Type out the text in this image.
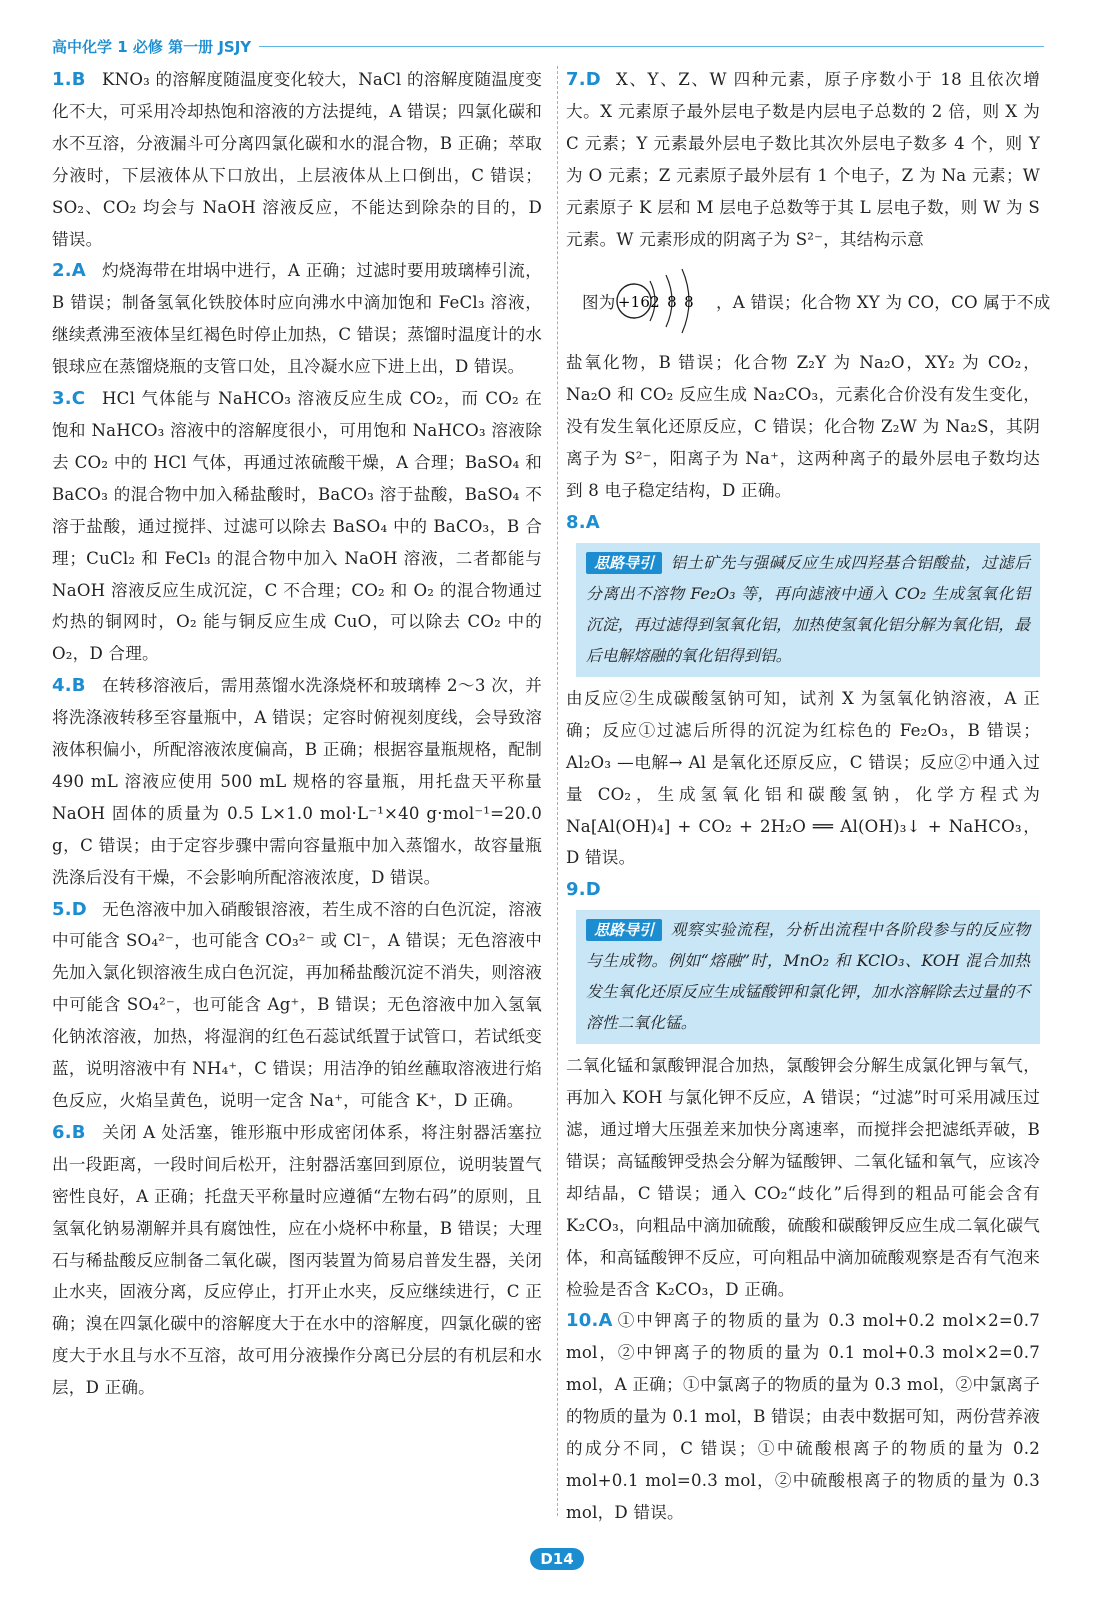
高中化学 1 必修 第一册 JSJY

1.B KNO₃ 的溶解度随温度变化较大，NaCl 的溶解度随温度变化不大，可采用冷却热饱和溶液的方法提纯，A 错误；四氯化碳和水不互溶，分液漏斗可分离四氯化碳和水的混合物，B 正确；萃取分液时，下层液体从下口放出，上层液体从上口倒出，C 错误；SO₂、CO₂ 均会与 NaOH 溶液反应，不能达到除杂的目的，D 错误。

2.A 灼烧海带在坩埚中进行，A 正确；过滤时要用玻璃棒引流，B 错误；制备氢氧化铁胶体时应向沸水中滴加饱和 FeCl₃ 溶液，继续煮沸至液体呈红褐色时停止加热，C 错误；蒸馏时温度计的水银球应在蒸馏烧瓶的支管口处，且冷凝水应下进上出，D 错误。

3.C HCl 气体能与 NaHCO₃ 溶液反应生成 CO₂，而 CO₂ 在饱和 NaHCO₃ 溶液中的溶解度很小，可用饱和 NaHCO₃ 溶液除去 CO₂ 中的 HCl 气体，再通过浓硫酸干燥，A 合理；BaSO₄ 和 BaCO₃ 的混合物中加入稀盐酸时，BaCO₃ 溶于盐酸，BaSO₄ 不溶于盐酸，通过搅拌、过滤可以除去 BaSO₄ 中的 BaCO₃，B 合理；CuCl₂ 和 FeCl₃ 的混合物中加入 NaOH 溶液，二者都能与 NaOH 溶液反应生成沉淀，C 不合理；CO₂ 和 O₂ 的混合物通过灼热的铜网时，O₂ 能与铜反应生成 CuO，可以除去 CO₂ 中的 O₂，D 合理。

4.B 在转移溶液后，需用蒸馏水洗涤烧杯和玻璃棒 2～3 次，并将洗涤液转移至容量瓶中，A 错误；定容时俯视刻度线，会导致溶液体积偏小，所配溶液浓度偏高，B 正确；根据容量瓶规格，配制 490 mL 溶液应使用 500 mL 规格的容量瓶，用托盘天平称量 NaOH 固体的质量为 0.5 L×1.0 mol·L⁻¹×40 g·mol⁻¹=20.0 g，C 错误；由于定容步骤中需向容量瓶中加入蒸馏水，故容量瓶洗涤后没有干燥，不会影响所配溶液浓度，D 错误。

5.D 无色溶液中加入硝酸银溶液，若生成不溶的白色沉淀，溶液中可能含 SO₄²⁻，也可能含 CO₃²⁻ 或 Cl⁻，A 错误；无色溶液中先加入氯化钡溶液生成白色沉淀，再加稀盐酸沉淀不消失，则溶液中可能含 SO₄²⁻，也可能含 Ag⁺，B 错误；无色溶液中加入氢氧化钠浓溶液，加热，将湿润的红色石蕊试纸置于试管口，若试纸变蓝，说明溶液中有 NH₄⁺，C 错误；用洁净的铂丝蘸取溶液进行焰色反应，火焰呈黄色，说明一定含 Na⁺，可能含 K⁺，D 正确。

6.B 关闭 A 处活塞，锥形瓶中形成密闭体系，将注射器活塞拉出一段距离，一段时间后松开，注射器活塞回到原位，说明装置气密性良好，A 正确；托盘天平称量时应遵循“左物右码”的原则，且氢氧化钠易潮解并具有腐蚀性，应在小烧杯中称量，B 错误；大理石与稀盐酸反应制备二氧化碳，图丙装置为简易启普发生器，关闭止水夹，固液分离，反应停止，打开止水夹，反应继续进行，C 正确；溴在四氯化碳中的溶解度大于在水中的溶解度，四氯化碳的密度大于水且与水不互溶，故可用分液操作分离已分层的有机层和水层，D 正确。

7.D X、Y、Z、W 四种元素，原子序数小于 18 且依次增大。X 元素原子最外层电子数是内层电子总数的 2 倍，则 X 为 C 元素；Y 元素最外层电子数比其次外层电子数多 4 个，则 Y 为 O 元素；Z 元素原子最外层有 1 个电子，Z 为 Na 元素；W 元素原子 K 层和 M 层电子总数等于其 L 层电子数，则 W 为 S 元素。W 元素形成的阴离子为 S²⁻，其结构示意

图为 +16 2 8 8 ，A 错误；化合物 XY 为 CO，CO 属于不成

盐氧化物，B 错误；化合物 Z₂Y 为 Na₂O，XY₂ 为 CO₂，Na₂O 和 CO₂ 反应生成 Na₂CO₃，元素化合价没有发生变化，没有发生氧化还原反应，C 错误；化合物 Z₂W 为 Na₂S，其阴离子为 S²⁻，阳离子为 Na⁺，这两种离子的最外层电子数均达到 8 电子稳定结构，D 正确。

8.A

思路导引 铝土矿先与强碱反应生成四羟基合铝酸盐，过滤后分离出不溶物 Fe₂O₃ 等，再向滤液中通入 CO₂ 生成氢氧化铝沉淀，再过滤得到氢氧化铝，加热使氢氧化铝分解为氧化铝，最后电解熔融的氧化铝得到铝。

由反应②生成碳酸氢钠可知，试剂 X 为氢氧化钠溶液，A 正确；反应①过滤后所得的沉淀为红棕色的 Fe₂O₃，B 错误；Al₂O₃ —电解→ Al 是氧化还原反应，C 错误；反应②中通入过量 CO₂，生成氢氧化铝和碳酸氢钠，化学方程式为 Na[Al(OH)₄] + CO₂ + 2H₂O ══ Al(OH)₃↓ + NaHCO₃，D 错误。

9.D

思路导引 观察实验流程，分析出流程中各阶段参与的反应物与生成物。例如“熔融”时，MnO₂ 和 KClO₃、KOH 混合加热发生氧化还原反应生成锰酸钾和氯化钾，加水溶解除去过量的不溶性二氧化锰。

二氧化锰和氯酸钾混合加热，氯酸钾会分解生成氯化钾与氧气，再加入 KOH 与氯化钾不反应，A 错误；“过滤”时可采用减压过滤，通过增大压强差来加快分离速率，而搅拌会把滤纸弄破，B 错误；高锰酸钾受热会分解为锰酸钾、二氧化锰和氧气，应该冷却结晶，C 错误；通入 CO₂“歧化”后得到的粗品可能会含有 K₂CO₃，向粗品中滴加硫酸，硫酸和碳酸钾反应生成二氧化碳气体，和高锰酸钾不反应，可向粗品中滴加硫酸观察是否有气泡来检验是否含 K₂CO₃，D 正确。

10.A ①中钾离子的物质的量为 0.3 mol+0.2 mol×2=0.7 mol，②中钾离子的物质的量为 0.1 mol+0.3 mol×2=0.7 mol，A 正确；①中氯离子的物质的量为 0.3 mol，②中氯离子的物质的量为 0.1 mol，B 错误；由表中数据可知，两份营养液的成分不同，C 错误；①中硫酸根离子的物质的量为 0.2 mol+0.1 mol=0.3 mol，②中硫酸根离子的物质的量为 0.3 mol，D 错误。

D14
